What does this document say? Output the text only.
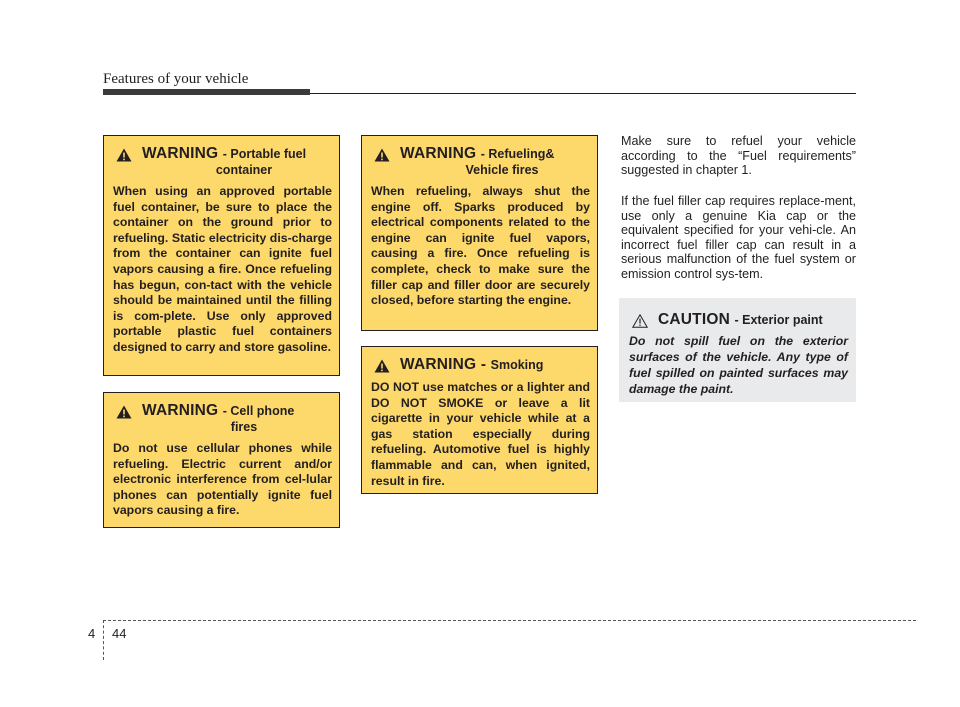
Features of your vehicle
WARNING - Portable fuel
container

When using an approved portable fuel container, be sure to place the container on the ground prior to refueling. Static electricity dis-charge from the container can ignite fuel vapors causing a fire. Once refueling has begun, con-tact with the vehicle should be maintained until the filling is com-plete. Use only approved portable plastic fuel containers designed to carry and store gasoline.

WARNING - Cell phone
fires

Do not use cellular phones while refueling. Electric current and/or electronic interference from cel-lular phones can potentially ignite fuel vapors causing a fire.

WARNING - Refueling&
Vehicle fires

When refueling, always shut the engine off. Sparks produced by electrical components related to the engine can ignite fuel vapors, causing a fire. Once refueling is complete, check to make sure the filler cap and filler door are securely closed, before starting the engine.

WARNING - Smoking

DO NOT use matches or a lighter and DO NOT SMOKE or leave a lit cigarette in your vehicle while at a gas station especially during refueling. Automotive fuel is highly flammable and can, when ignited, result in fire.

Make sure to refuel your vehicle according to the “Fuel requirements” suggested in chapter 1.

If the fuel filler cap requires replace-ment, use only a genuine Kia cap or the equivalent specified for your vehi-cle. An incorrect fuel filler cap can result in a serious malfunction of the fuel system or emission control sys-tem.

CAUTION - Exterior paint

Do not spill fuel on the exterior surfaces of the vehicle. Any type of fuel spilled on painted surfaces may damage the paint.

4 44
